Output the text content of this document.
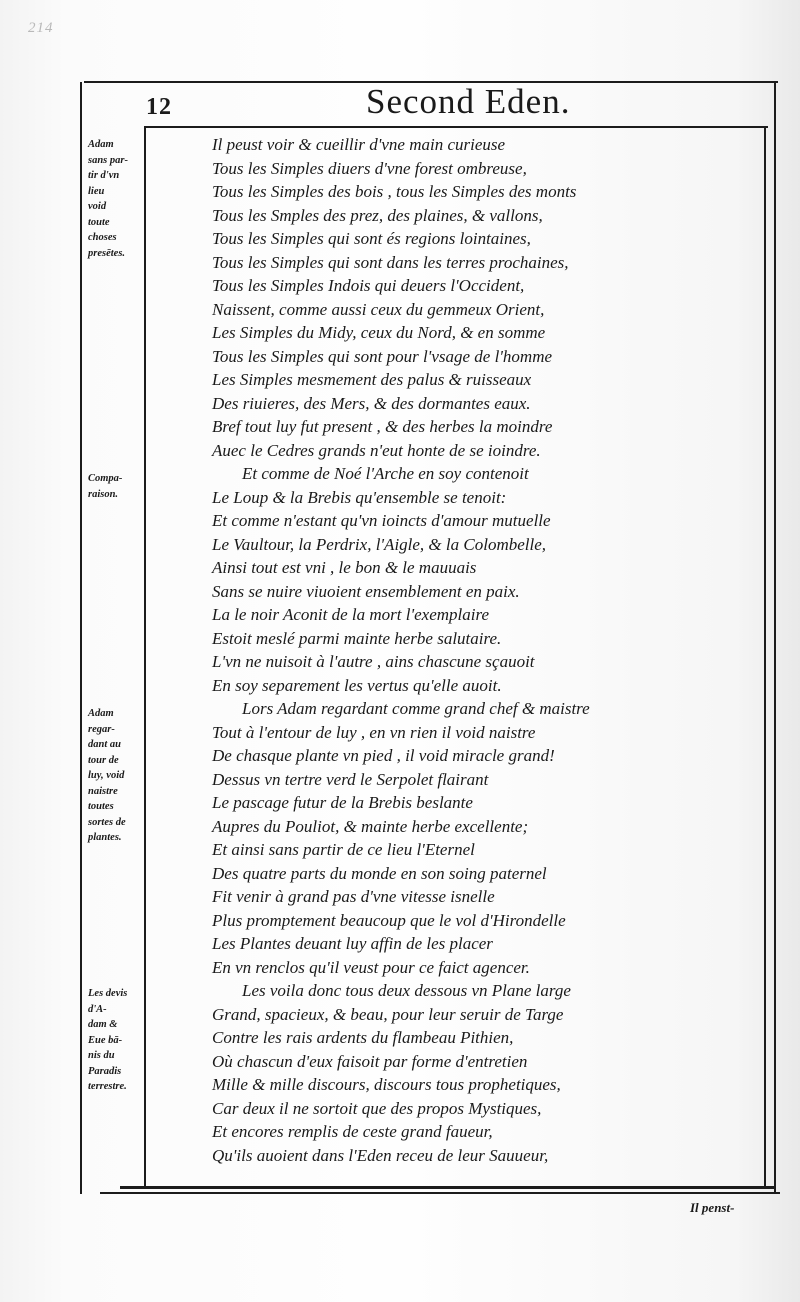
214
12	Second Eden.
Adam
sans par-
tir d'vn
lieu
void
toute
choses
presētes.
Compa-
raison.
Adam
regar-
dant au
tour de
luy, void
naistre
toutes
sortes de
plantes.
Les devis
d'A-
dam &
Eue bā-
nis du
Paradis
terrestre.
Il peust voir & cueillir d'vne main curieuse
Tous les Simples diuers d'vne forest ombreuse,
Tous les Simples des bois , tous les Simples des monts
Tous les Smples des prez, des plaines, & vallons,
Tous les Simples qui sont és regions lointaines,
Tous les Simples qui sont dans les terres prochaines,
Tous les Simples Indois qui deuers l'Occident,
Naissent, comme aussi ceux du gemmeux Orient,
Les Simples du Midy, ceux du Nord, & en somme
Tous les Simples qui sont pour l'vsage de l'homme
Les Simples mesmement des palus & ruisseaux
Des riuieres, des Mers, & des dormantes eaux.
Bref tout luy fut present , & des herbes la moindre
Auec le Cedres grands n'eut honte de se ioindre.
Et comme de Noé l'Arche en soy contenoit
Le Loup & la Brebis qu'ensemble se tenoit:
Et comme n'estant qu'vn ioincts d'amour mutuelle
Le Vaultour, la Perdrix, l'Aigle, & la Colombelle,
Ainsi tout est vni , le bon & le mauuais
Sans se nuire viuoient ensemblement en paix.
La le noir Aconit de la mort l'exemplaire
Estoit meslé parmi mainte herbe salutaire.
L'vn ne nuisoit à l'autre , ains chascune sçauoit
En soy separement les vertus qu'elle auoit.
Lors Adam regardant comme grand chef & maistre
Tout à l'entour de luy , en vn rien il void naistre
De chasque plante vn pied , il void miracle grand!
Dessus vn tertre verd le Serpolet flairant
Le pascage futur de la Brebis beslante
Aupres du Pouliot, & mainte herbe excellente;
Et ainsi sans partir de ce lieu l'Eternel
Des quatre parts du monde en son soing paternel
Fit venir à grand pas d'vne vitesse isnelle
Plus promptement beaucoup que le vol d'Hirondelle
Les Plantes deuant luy affin de les placer
En vn renclos qu'il veust pour ce faict agencer.
Les voila donc tous deux dessous vn Plane large
Grand, spacieux, & beau, pour leur seruir de Targe
Contre les rais ardents du flambeau Pithien,
Où chascun d'eux faisoit par forme d'entretien
Mille & mille discours, discours tous prophetiques,
Car deux il ne sortoit que des propos Mystiques,
Et encores remplis de ceste grand faueur,
Qu'ils auoient dans l'Eden receu de leur Sauueur,
Il penst-
